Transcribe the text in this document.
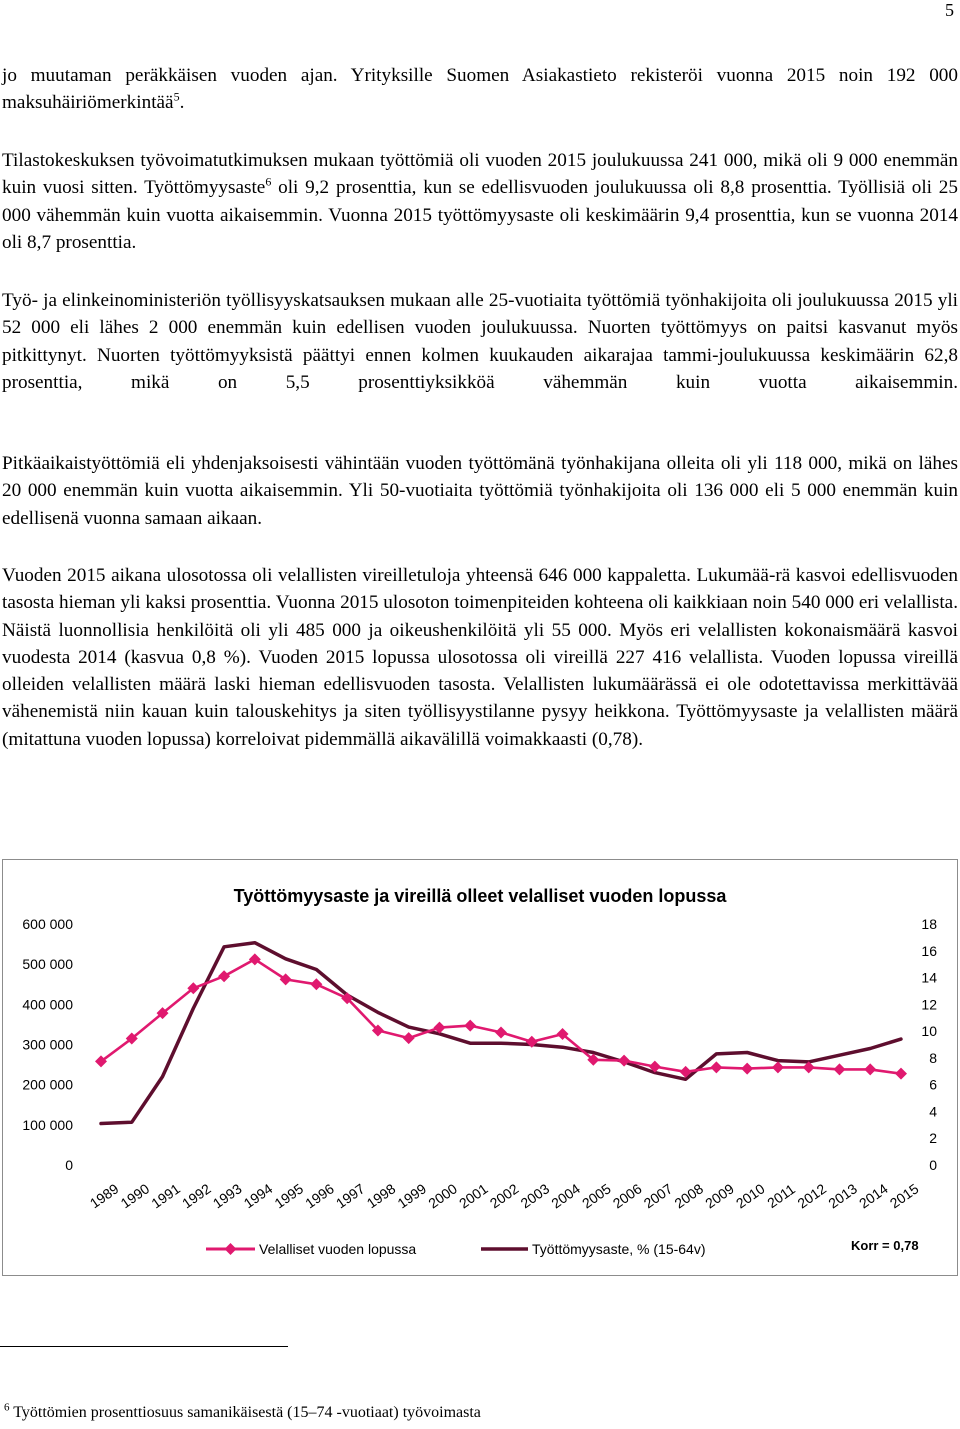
5

jo muutaman peräkkäisen vuoden ajan. Yrityksille Suomen Asiakastieto rekisteröi vuonna 2015 noin 192 000 maksuhäiriömerkintää$^5$.

Tilastokeskuksen työvoimatutkimuksen mukaan työttömiä oli vuoden 2015 joulukuussa 241 000, mikä oli 9 000 enemmän kuin vuosi sitten. Työttömyysaste$^6$ oli 9,2 prosenttia, kun se edellisvuoden joulukuussa oli 8,8 prosenttia. Työllisiä oli 25 000 vähemmän kuin vuotta aikaisemmin. Vuonna 2015 työttömyysaste oli keskimäärin 9,4 prosenttia, kun se vuonna 2014 oli 8,7 prosenttia.

Työ- ja elinkeinoministeriön työllisyyskatsauksen mukaan alle 25-vuotiaita työttömiä työnhakijoita oli joulukuussa 2015 yli 52 000 eli lähes 2 000 enemmän kuin edellisen vuoden joulukuussa. Nuorten työttömyys on paitsi kasvanut myös pitkittynyt. Nuorten työttömyyksistä päättyi ennen kolmen kuukauden aikarajaa tammi-joulukuussa keskimäärin 62,8 prosenttia, mikä on 5,5 prosenttiyksikköä vähemmän kuin vuotta aikaisemmin.

Pitkäaikaistyöttömiä eli yhdenjaksoisesti vähintään vuoden työttömänä työnhakijana olleita oli yli 118 000, mikä on lähes 20 000 enemmän kuin vuotta aikaisemmin. Yli 50-vuotiaita työttömiä työnhakijoita oli 136 000 eli 5 000 enemmän kuin edellisenä vuonna samaan aikaan.

Vuoden 2015 aikana ulosotossa oli velallisten vireilletuloja yhteensä 646 000 kappaletta. Lukumää-rä kasvoi edellisvuoden tasosta hieman yli kaksi prosenttia. Vuonna 2015 ulosoton toimenpiteiden kohteena oli kaikkiaan noin 540 000 eri velallista. Näistä luonnollisia henkilöitä oli yli 485 000 ja oikeushenkilöitä yli 55 000. Myös eri velallisten kokonaismäärä kasvoi vuodesta 2014 (kasvua 0,8 %). Vuoden 2015 lopussa ulosotossa oli vireillä 227 416 velallista. Vuoden lopussa vireillä olleiden velallisten määrä laski hieman edellisvuoden tasosta. Velallisten lukumäärässä ei ole odotettavissa merkittävää vähenemistä niin kauan kuin talouskehitys ja siten työllisyystilanne pysyy heikkona. Työttömyysaste ja velallisten määrä (mitattuna vuoden lopussa) korreloivat pidemmällä aikavälillä voimakkaasti (0,78).

Työttömyysaste ja vireillä olleet velalliset vuoden lopussa
0
100 000
200 000
300 000
400 000
500 000
600 000
0
2
4
6
8
10
12
14
16
18
1989
1990
1991
1992
1993
1994
1995
1996
1997
1998
1999
2000
2001
2002
2003
2004
2005
2006
2007
2008
2009
2010
2011
2012
2013
2014
2015
Velalliset vuoden lopussa	Työttömyysaste, % (15-64v)	Korr = 0,78
$^6$ Työttömien prosenttiosuus samanikäisestä (15–74 -vuotiaat) työvoimasta
